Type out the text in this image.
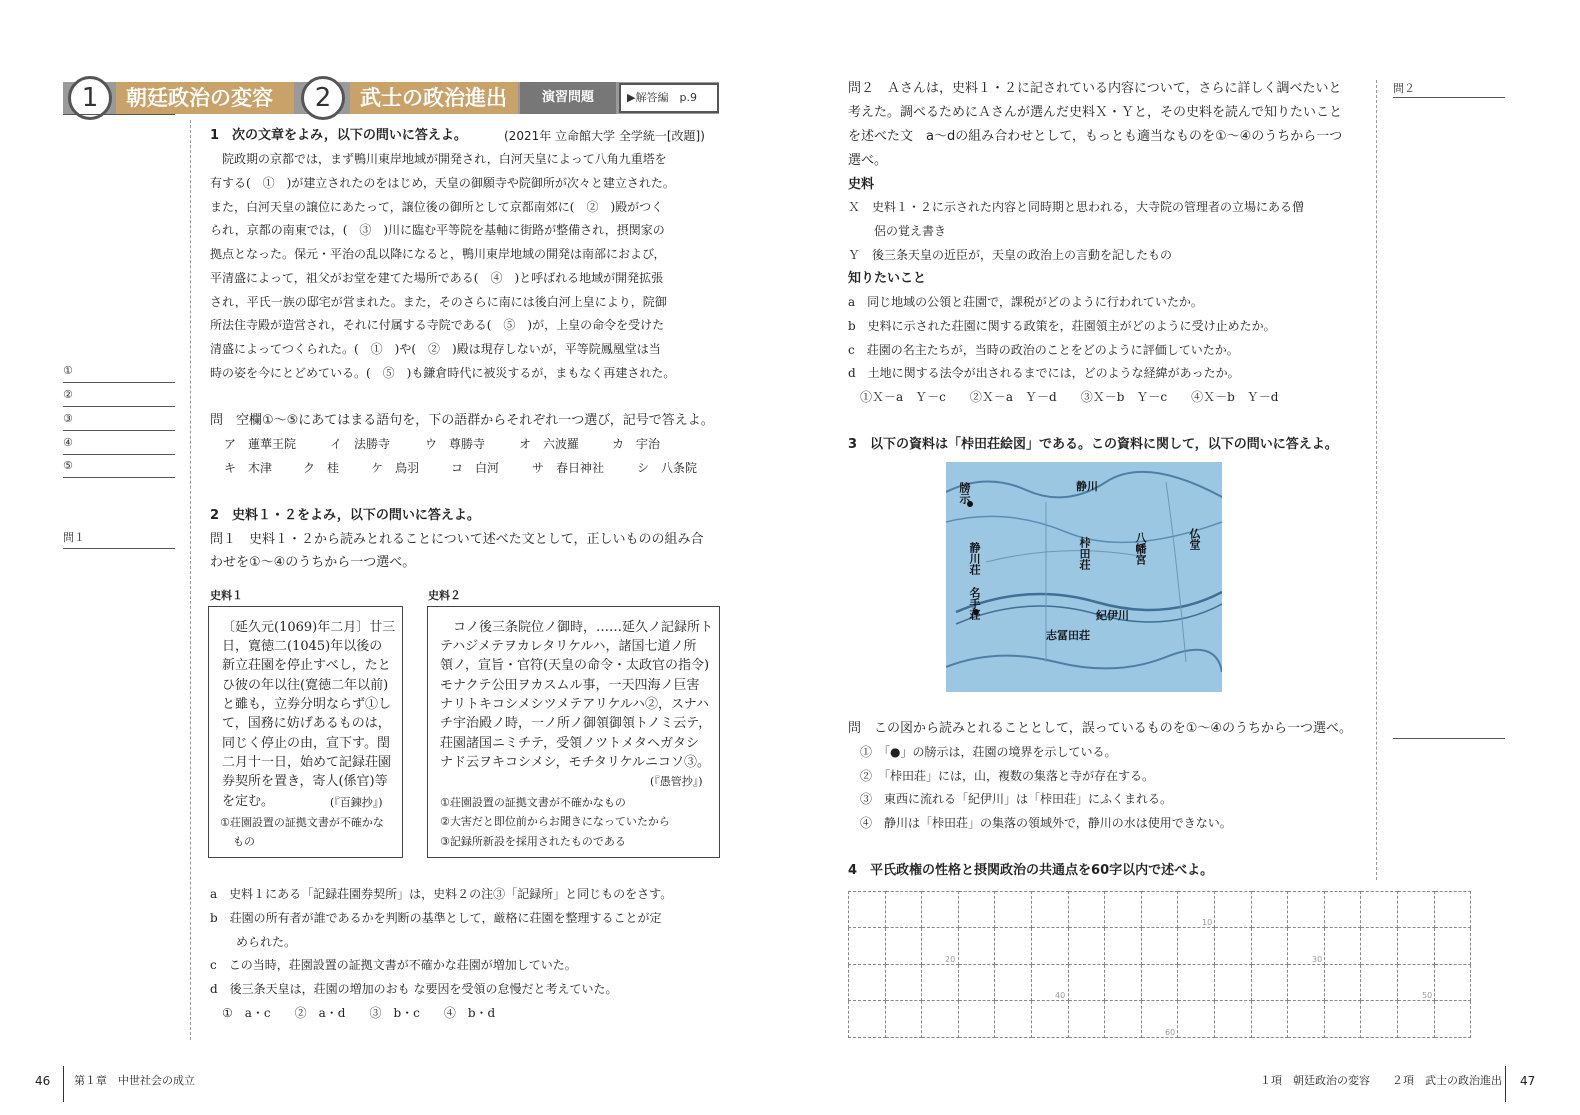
朝廷政治の変容	武士の政治進出
1	2	演習問題	▶解答編　p.9
①
②
③
④
⑤
問１
1　次の文章をよみ，以下の問いに答えよ。	(2021年 立命館大学 全学統一[改題])
　院政期の京都では，まず鴨川東岸地域が開発され，白河天皇によって八角九重塔を
有する(　①　)が建立されたのをはじめ，天皇の御願寺や院御所が次々と建立された。
また，白河天皇の譲位にあたって，譲位後の御所として京都南郊に(　②　)殿がつく
られ，京都の南東では，(　③　)川に臨む平等院を基軸に街路が整備され，摂関家の
拠点となった。保元・平治の乱以降になると，鴨川東岸地域の開発は南部におよび，
平清盛によって，祖父がお堂を建てた場所である(　④　)と呼ばれる地域が開発拡張
され，平氏一族の邸宅が営まれた。また，そのさらに南には後白河上皇により，院御
所法住寺殿が造営され，それに付属する寺院である(　⑤　)が，上皇の命令を受けた
清盛によってつくられた。(　①　)や(　②　)殿は現存しないが，平等院鳳凰堂は当
時の姿を今にとどめている。(　⑤　)も鎌倉時代に被災するが，まもなく再建された。
問　空欄①～⑤にあてはまる語句を，下の語群からそれぞれ一つ選び，記号で答えよ。
ア　蓮華王院	イ　法勝寺	ウ　尊勝寺	オ　六波羅	カ　宇治
キ　木津	ク　桂	ケ　鳥羽	コ　白河	サ　春日神社	シ　八条院
2　史料１・２をよみ，以下の問いに答えよ。
問１　史料１・２から読みとれることについて述べた文として，正しいものの組み合
わせを①～④のうちから一つ選べ。
史料１
〔延久元(1069)年二月〕廿三
日，寛徳二(1045)年以後の
新立荘園を停止すべし，たと
ひ彼の年以往(寛徳二年以前)
と雖も，立券分明ならず①し
て，国務に妨げあるものは，
同じく停止の由，宣下す。閏
二月十一日，始めて記録荘園
券契所を置き，寄人(係官)等
を定む。	(『百錬抄』)
①荘園設置の証拠文書が不確かな
もの
史料２
　コノ後三条院位ノ御時，……延久ノ記録所ト
テハジメテヲカレタリケルハ，諸国七道ノ所
領ノ，宣旨・官符(天皇の命令・太政官の指令)
モナクテ公田ヲカスムル事，一天四海ノ巨害
ナリトキコシメシツメテアリケルハ②，スナハ
チ宇治殿ノ時，一ノ所ノ御領御領トノミ云テ，
荘園諸国ニミチテ，受領ノツトメタヘガタシ
ナド云ヲキコシメシ，モチタリケルニコソ③。
(『愚管抄』)
①荘園設置の証拠文書が不確かなもの
②大害だと即位前からお聞きになっていたから
③記録所新設を採用されたものである
a　史料１にある「記録荘園券契所」は，史料２の注③「記録所」と同じものをさす。
b　荘園の所有者が誰であるかを判断の基準として，厳格に荘園を整理することが定
められた。
c　この当時，荘園設置の証拠文書が不確かな荘園が増加していた。
d　後三条天皇は，荘園の増加のおも な要因を受領の怠慢だと考えていた。
①　a・c　　②　a・d　　③　b・c　　④　b・d
問２　Ａさんは，史料１・２に記されている内容について，さらに詳しく調べたいと
考えた。調べるためにＡさんが選んだ史料Ｘ・Ｙと，その史料を読んで知りたいこと
を述べた文　a～dの組み合わせとして，もっとも適当なものを①～④のうちから一つ
選べ。
史料
Ｘ　史料１・２に示された内容と同時期と思われる，大寺院の管理者の立場にある僧
侶の覚え書き
Ｙ　後三条天皇の近臣が，天皇の政治上の言動を記したもの
知りたいこと
a　同じ地域の公領と荘園で，課税がどのように行われていたか。
b　史料に示された荘園に関する政策を，荘園領主がどのように受け止めたか。
c　荘園の名主たちが，当時の政治のことをどのように評価していたか。
d　土地に関する法令が出されるまでには，どのような経緯があったか。
①Ｘ－a　Ｙ－c　　②Ｘ－a　Ｙ－d　　③Ｘ－b　Ｙ－c　　④Ｘ－b　Ｙ－d
3　以下の資料は「桛田荘絵図」である。この資料に関して，以下の問いに答えよ。
牓示	静川
桛田荘	八幡宮	仏堂
静川荘
名手荘	紀伊川
志冨田荘
問　この図から読みとれることとして，誤っているものを①～④のうちから一つ選べ。
①　「●」の牓示は，荘園の境界を示している。
②　「桛田荘」には，山，複数の集落と寺が存在する。
③　東西に流れる「紀伊川」は「桛田荘」にふくまれる。
④　静川は「桛田荘」の集落の領域外で，静川の水は使用できない。
4　平氏政権の性格と摂関政治の共通点を60字以内で述べよ。

10
20	30
40	50
60
問２
46 第１章　中世社会の成立	１項　朝廷政治の変容　　２項　武士の政治進出 47
